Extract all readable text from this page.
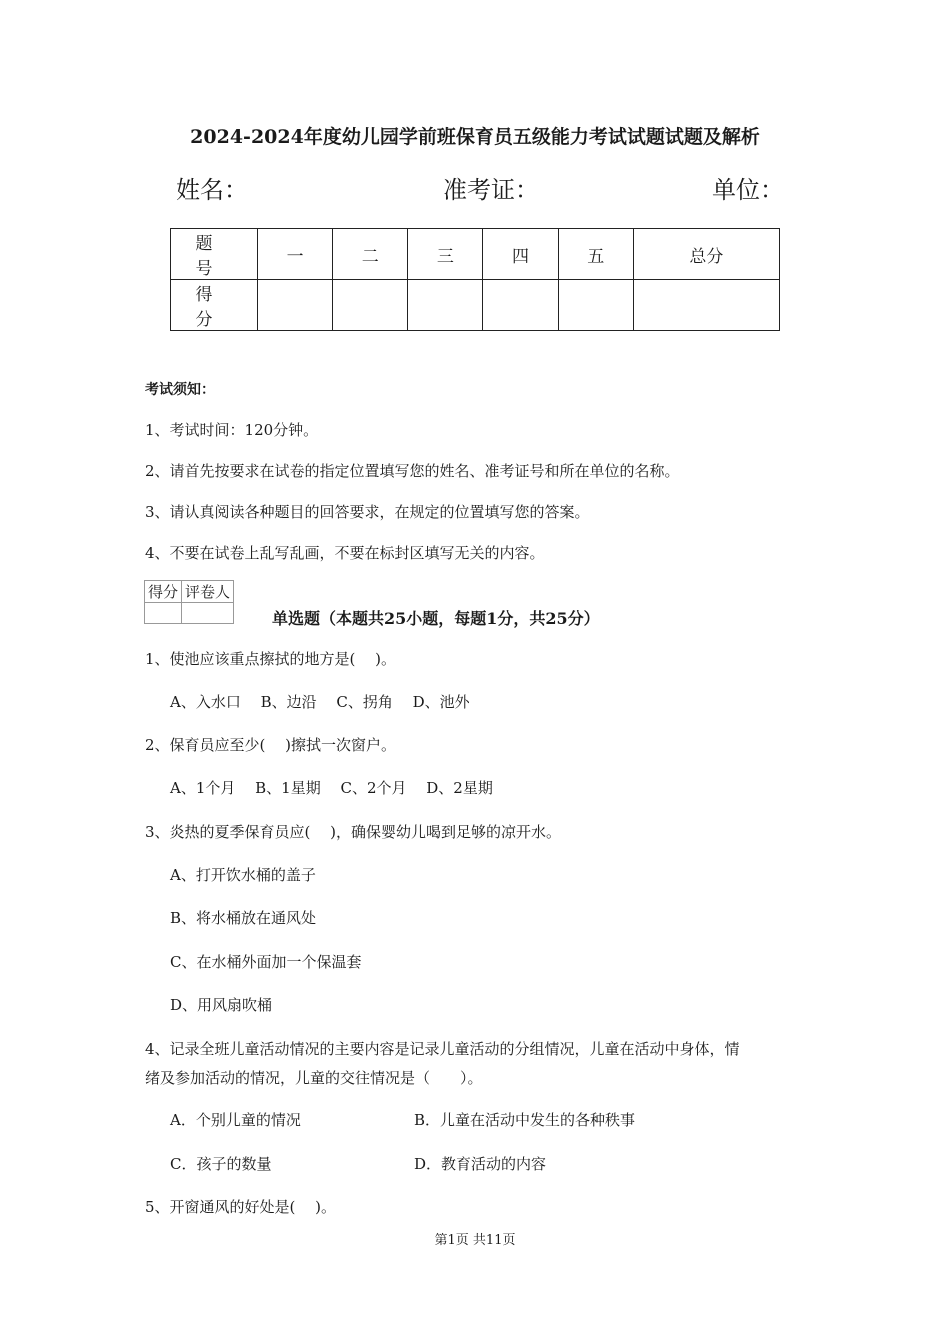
2024-2024年度幼儿园学前班保育员五级能力考试试题试题及解析
姓名：	准考证：	单位：
题　号	一	二	三	四	五	总分
得　分						
考试须知：
1、考试时间：120分钟。
2、请首先按要求在试卷的指定位置填写您的姓名、准考证号和所在单位的名称。
3、请认真阅读各种题目的回答要求，在规定的位置填写您的答案。
4、不要在试卷上乱写乱画，不要在标封区填写无关的内容。
得分	评卷人

单选题（本题共25小题，每题1分，共25分）
1、使池应该重点擦拭的地方是(　 )。
A、入水口　 B、边沿　 C、拐角　 D、池外
2、保育员应至少(　 )擦拭一次窗户。
A、1个月　 B、1星期　 C、2个月　 D、2星期
3、炎热的夏季保育员应(　 )，确保婴幼儿喝到足够的凉开水。
A、打开饮水桶的盖子
B、将水桶放在通风处
C、在水桶外面加一个保温套
D、用风扇吹桶
4、记录全班儿童活动情况的主要内容是记录儿童活动的分组情况，儿童在活动中身体，情
绪及参加活动的情况，儿童的交往情况是（　　）。
A．个别儿童的情况	B．儿童在活动中发生的各种秩事
C．孩子的数量	D．教育活动的内容
5、开窗通风的好处是(　 )。
第1页 共11页
